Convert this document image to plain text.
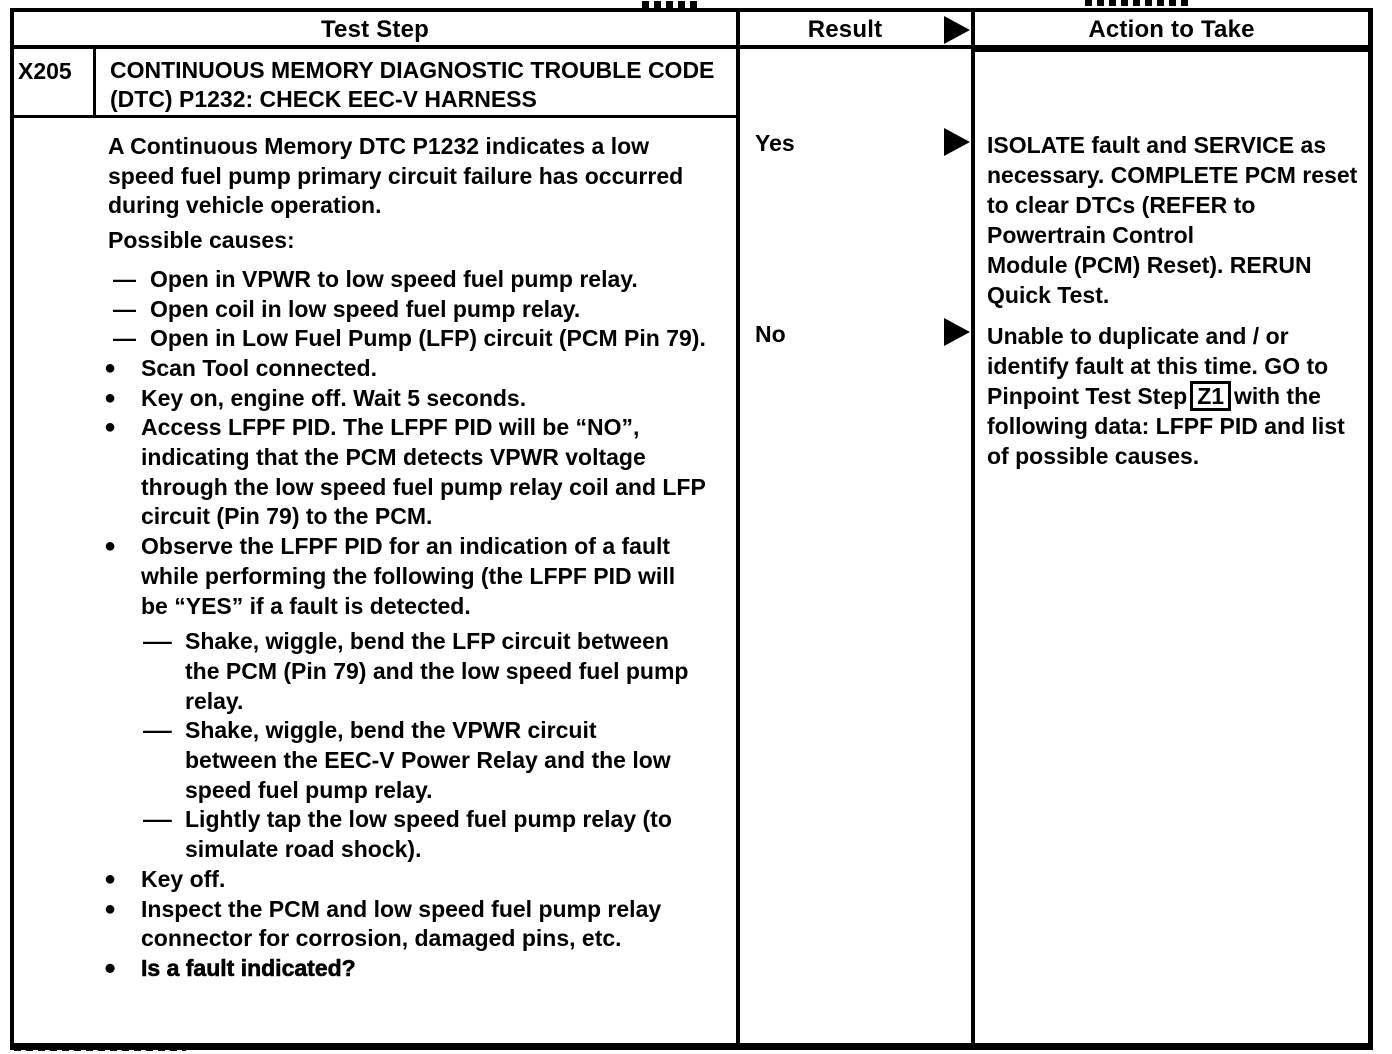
Test Step	Result	Action to Take
X205 CONTINUOUS MEMORY DIAGNOSTIC TROUBLE CODE (DTC) P1232: CHECK EEC-V HARNESS

A Continuous Memory DTC P1232 indicates a low speed fuel pump primary circuit failure has occurred during vehicle operation.

Possible causes:

— Open in VPWR to low speed fuel pump relay.
— Open coil in low speed fuel pump relay.
— Open in Low Fuel Pump (LFP) circuit (PCM Pin 79).
● Scan Tool connected.
● Key on, engine off. Wait 5 seconds.
● Access LFPF PID. The LFPF PID will be “NO”, indicating that the PCM detects VPWR voltage through the low speed fuel pump relay coil and LFP circuit (Pin 79) to the PCM.
● Observe the LFPF PID for an indication of a fault while performing the following (the LFPF PID will be “YES” if a fault is detected.
— Shake, wiggle, bend the LFP circuit between the PCM (Pin 79) and the low speed fuel pump relay.
— Shake, wiggle, bend the VPWR circuit between the EEC-V Power Relay and the low speed fuel pump relay.
— Lightly tap the low speed fuel pump relay (to simulate road shock).
● Key off.
● Inspect the PCM and low speed fuel pump relay connector for corrosion, damaged pins, etc.
● Is a fault indicated?
Yes
No
ISOLATE fault and SERVICE as necessary. COMPLETE PCM reset to clear DTCs (REFER to Powertrain Control Module (PCM) Reset). RERUN Quick Test.
Unable to duplicate and / or identify fault at this time. GO to Pinpoint Test Step Z1 with the following data: LFPF PID and list of possible causes.
